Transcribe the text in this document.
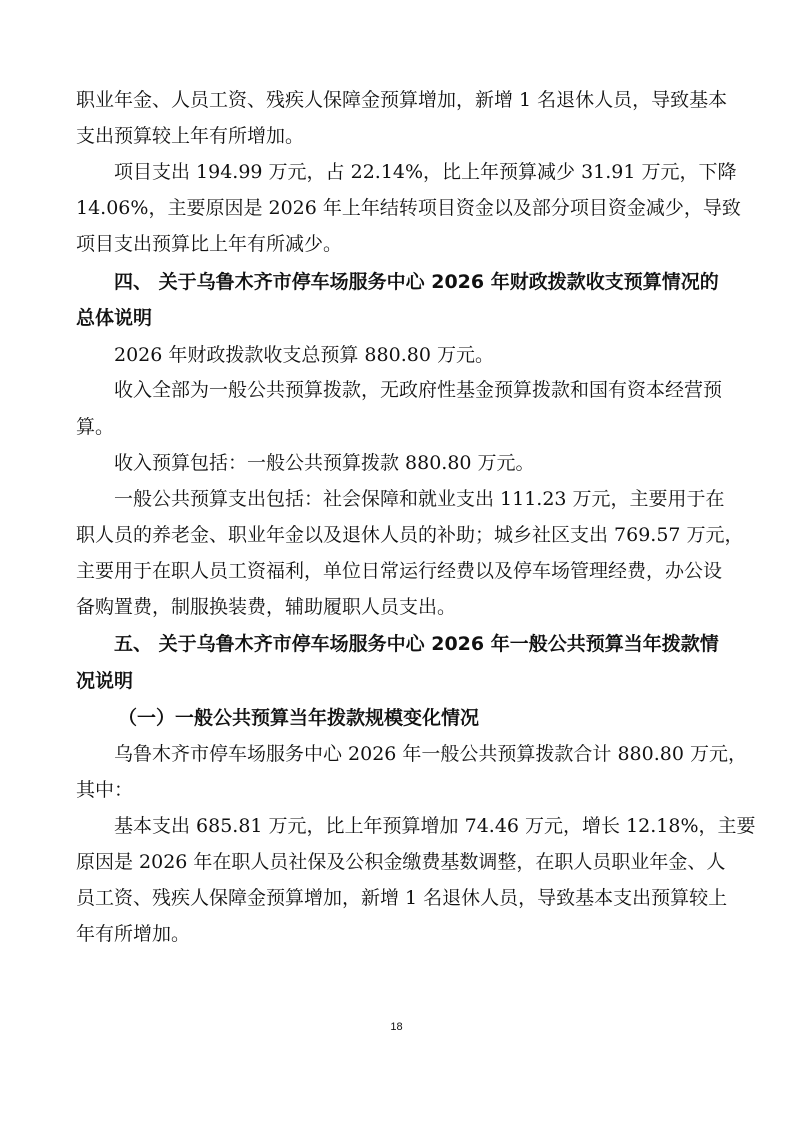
职业年金、人员工资、残疾人保障金预算增加，新增 1 名退休人员，导致基本
支出预算较上年有所增加。
项目支出 194.99 万元，占 22.14%，比上年预算减少 31.91 万元，下降
14.06%，主要原因是 2026 年上年结转项目资金以及部分项目资金减少，导致
项目支出预算比上年有所减少。
四、 关于乌鲁木齐市停车场服务中心 2026 年财政拨款收支预算情况的
总体说明
2026 年财政拨款收支总预算 880.80 万元。
收入全部为一般公共预算拨款，无政府性基金预算拨款和国有资本经营预
算。
收入预算包括：一般公共预算拨款 880.80 万元。
一般公共预算支出包括：社会保障和就业支出 111.23 万元，主要用于在
职人员的养老金、职业年金以及退休人员的补助；城乡社区支出 769.57 万元，
主要用于在职人员工资福利，单位日常运行经费以及停车场管理经费，办公设
备购置费，制服换装费，辅助履职人员支出。
五、 关于乌鲁木齐市停车场服务中心 2026 年一般公共预算当年拨款情
况说明
（一）一般公共预算当年拨款规模变化情况
乌鲁木齐市停车场服务中心 2026 年一般公共预算拨款合计 880.80 万元，
其中：
基本支出 685.81 万元，比上年预算增加 74.46 万元，增长 12.18%，主要
原因是 2026 年在职人员社保及公积金缴费基数调整，在职人员职业年金、人
员工资、残疾人保障金预算增加，新增 1 名退休人员，导致基本支出预算较上
年有所增加。
18
